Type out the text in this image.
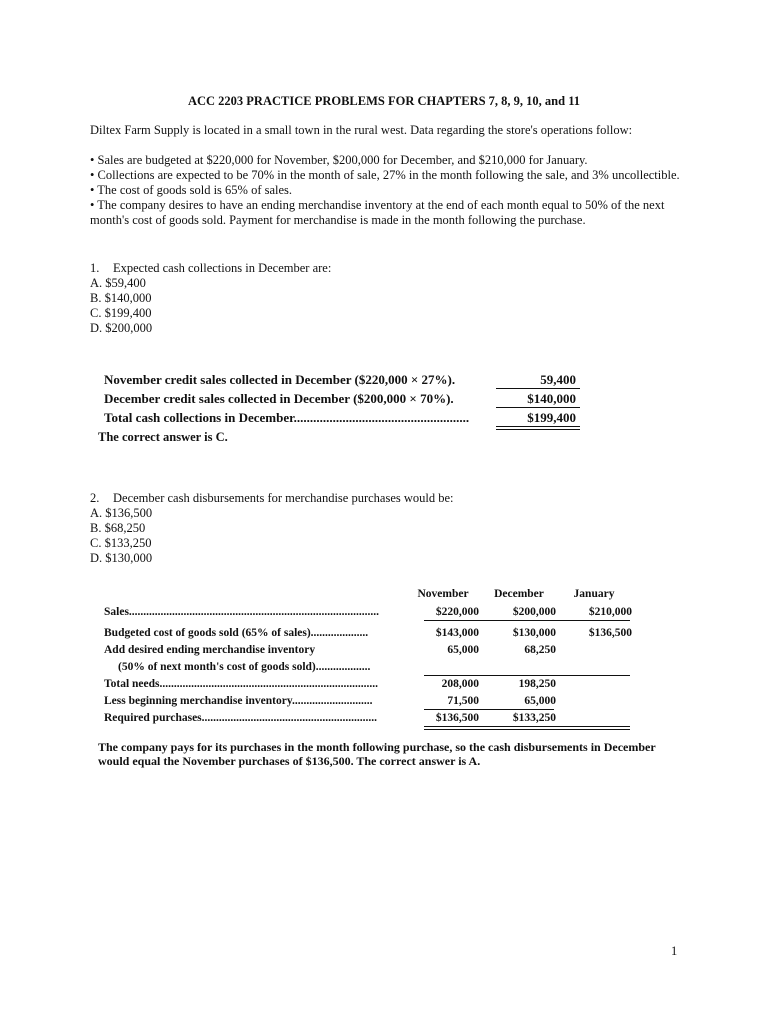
ACC 2203 PRACTICE PROBLEMS FOR CHAPTERS 7, 8, 9, 10, and 11
Diltex Farm Supply is located in a small town in the rural west. Data regarding the store's operations follow:
• Sales are budgeted at $220,000 for November, $200,000 for December, and $210,000 for January.
• Collections are expected to be 70% in the month of sale, 27% in the month following the sale, and 3% uncollectible.
• The cost of goods sold is 65% of sales.
• The company desires to have an ending merchandise inventory at the end of each month equal to 50% of the next month's cost of goods sold. Payment for merchandise is made in the month following the purchase.
1. Expected cash collections in December are:
A. $59,400
B. $140,000
C. $199,400
D. $200,000
November credit sales collected in December ($220,000 × 27%).	59,400
December credit sales collected in December ($200,000 × 70%).	$140,000
Total cash collections in December......................................................	$199,400
The correct answer is C.
2. December cash disbursements for merchandise purchases would be:
A. $136,500
B. $68,250
C. $133,250
D. $130,000
November	December	January
Sales.......................................................................................	$220,000	$200,000	$210,000
Budgeted cost of goods sold (65% of sales)....................	$143,000	$130,000	$136,500
Add desired ending merchandise inventory	65,000	68,250
(50% of next month's cost of goods sold)...................
Total needs............................................................................	208,000	198,250
Less beginning merchandise inventory............................	71,500	65,000
Required purchases.............................................................	$136,500	$133,250
The company pays for its purchases in the month following purchase, so the cash disbursements in December would equal the November purchases of $136,500. The correct answer is A.
1
